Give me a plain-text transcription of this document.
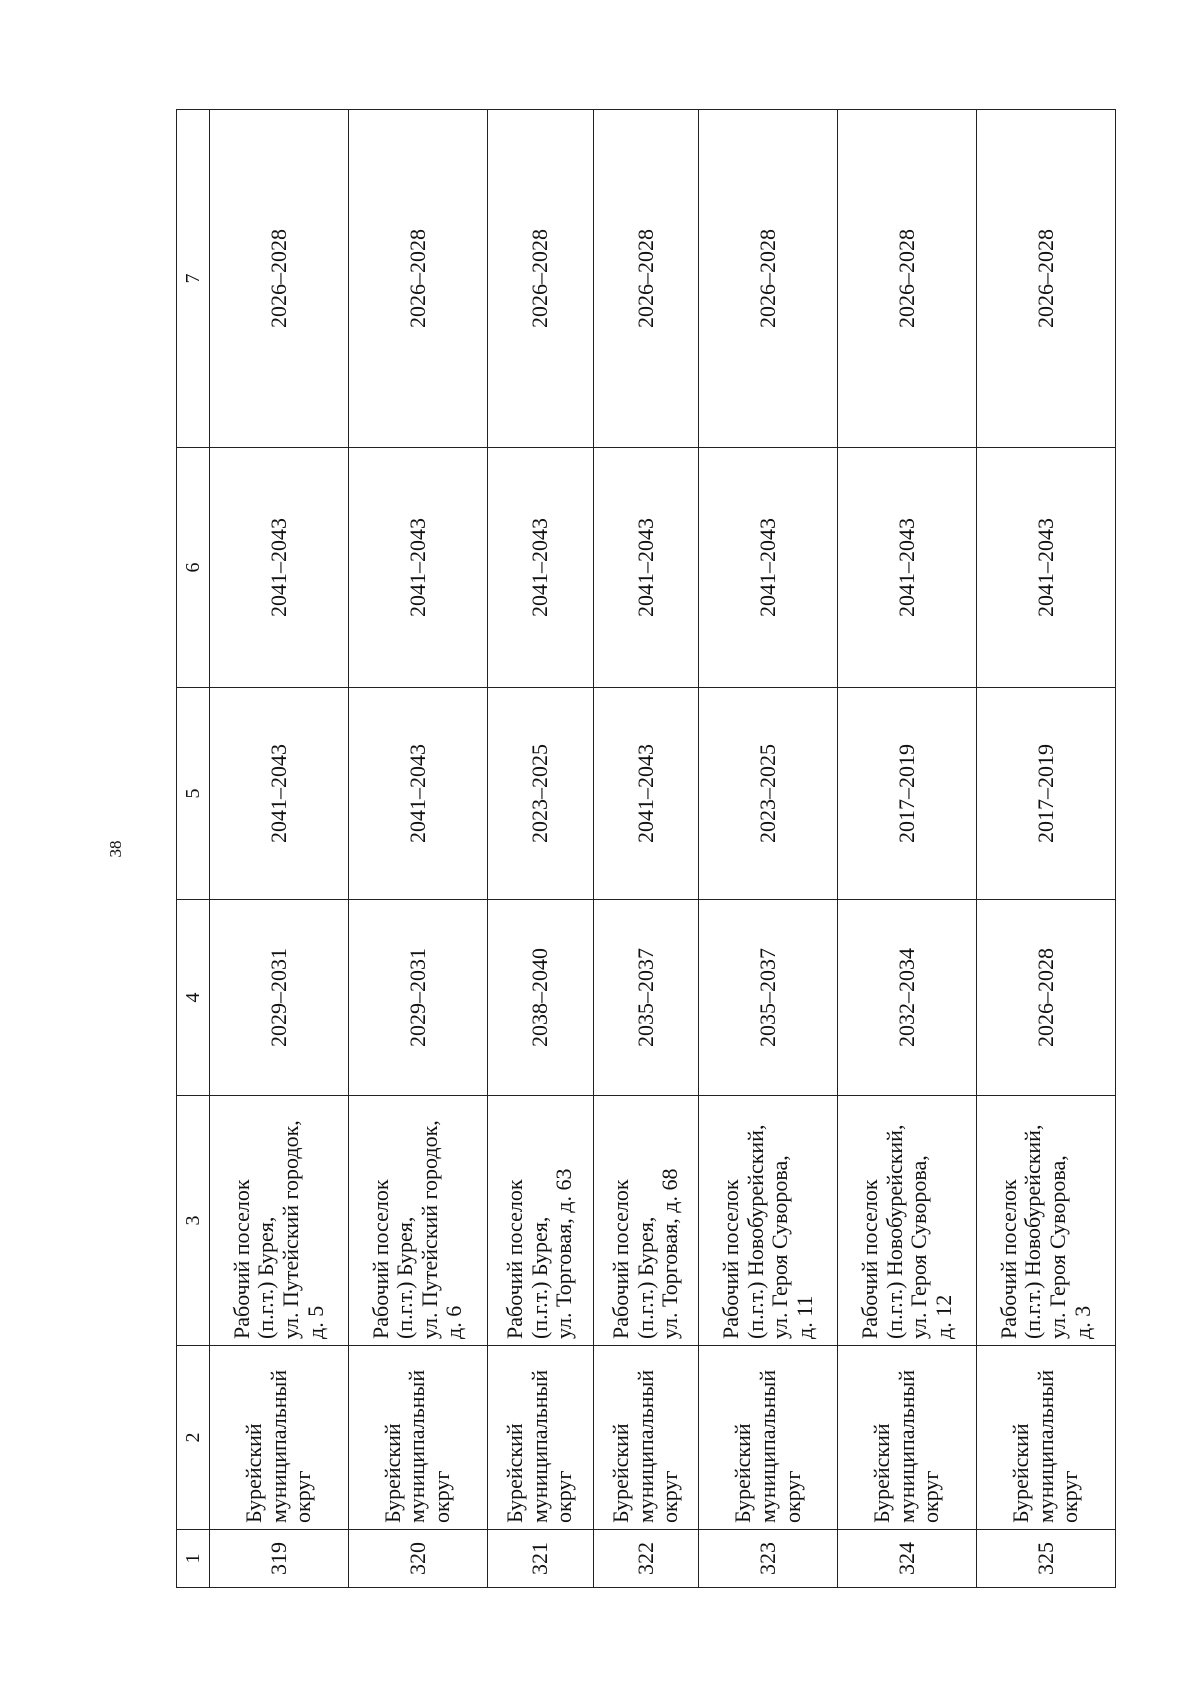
38
1	2	3	4	5	6	7
319	Бурейский муниципальный округ	Рабочий поселок (п.г.т.) Бурея, ул. Путейский городок, д. 5	2029–2031	2041–2043	2041–2043	2026–2028
320	Бурейский муниципальный округ	Рабочий поселок (п.г.т.) Бурея, ул. Путейский городок, д. 6	2029–2031	2041–2043	2041–2043	2026–2028
321	Бурейский муниципальный округ	Рабочий поселок (п.г.т.) Бурея, ул. Торговая, д. 63	2038–2040	2023–2025	2041–2043	2026–2028
322	Бурейский муниципальный округ	Рабочий поселок (п.г.т.) Бурея, ул. Торговая, д. 68	2035–2037	2041–2043	2041–2043	2026–2028
323	Бурейский муниципальный округ	Рабочий поселок (п.г.т.) Новобурейский, ул. Героя Суворова, д. 11	2035–2037	2023–2025	2041–2043	2026–2028
324	Бурейский муниципальный округ	Рабочий поселок (п.г.т.) Новобурейский, ул. Героя Суворова, д. 12	2032–2034	2017–2019	2041–2043	2026–2028
325	Бурейский муниципальный округ	Рабочий поселок (п.г.т.) Новобурейский, ул. Героя Суворова, д. 3	2026–2028	2017–2019	2041–2043	2026–2028
